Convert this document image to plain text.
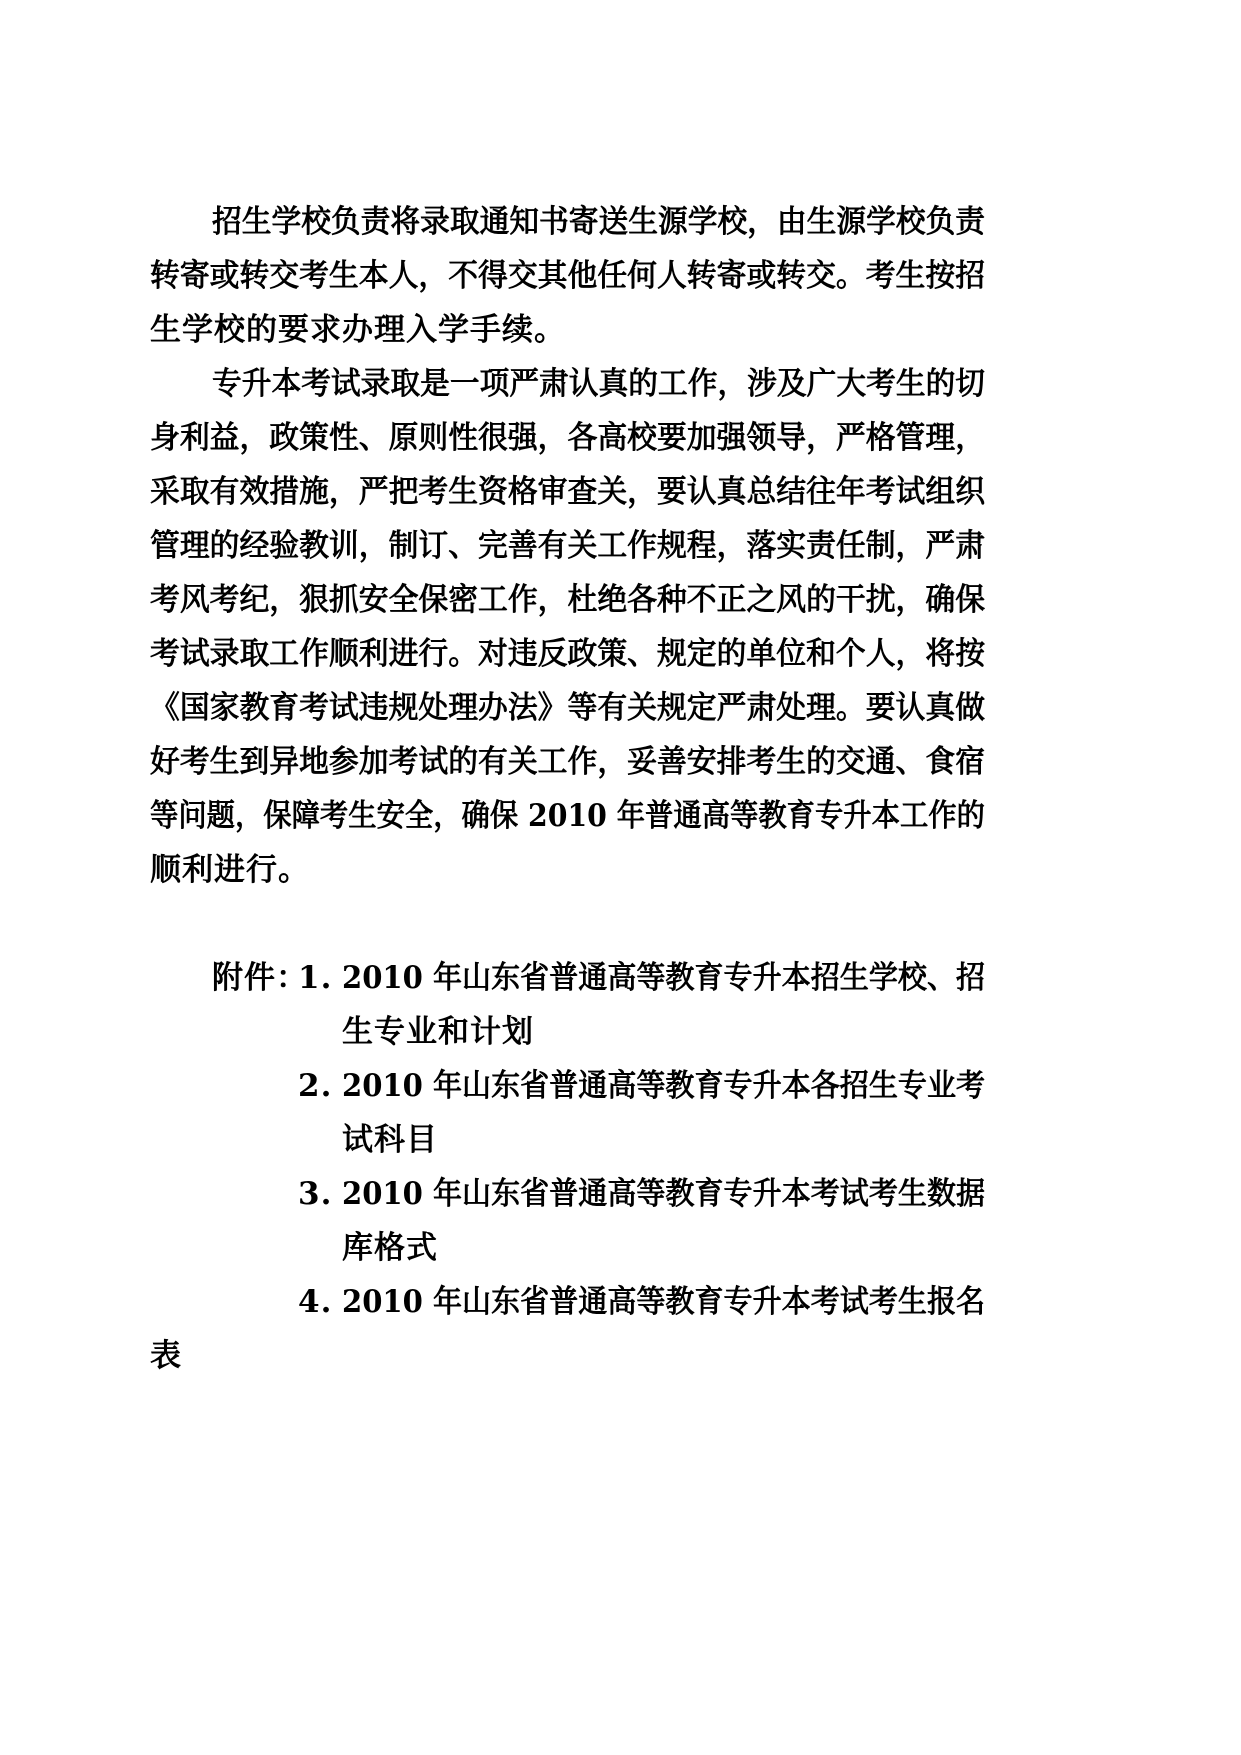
招生学校负责将录取通知书寄送生源学校，由生源学校负责
转寄或转交考生本人，不得交其他任何人转寄或转交。考生按招
生学校的要求办理入学手续。
专升本考试录取是一项严肃认真的工作，涉及广大考生的切
身利益，政策性、原则性很强，各高校要加强领导，严格管理，
采取有效措施，严把考生资格审查关，要认真总结往年考试组织
管理的经验教训，制订、完善有关工作规程，落实责任制，严肃
考风考纪，狠抓安全保密工作，杜绝各种不正之风的干扰，确保
考试录取工作顺利进行。对违反政策、规定的单位和个人，将按
《国家教育考试违规处理办法》等有关规定严肃处理。要认真做
好考生到异地参加考试的有关工作，妥善安排考生的交通、食宿
等问题，保障考生安全，确保 2010 年普通高等教育专升本工作的
顺利进行。
附件：
1. 2010 年山东省普通高等教育专升本招生学校、招
生专业和计划
2. 2010 年山东省普通高等教育专升本各招生专业考
试科目
3. 2010 年山东省普通高等教育专升本考试考生数据
库格式
4. 2010 年山东省普通高等教育专升本考试考生报名
表
